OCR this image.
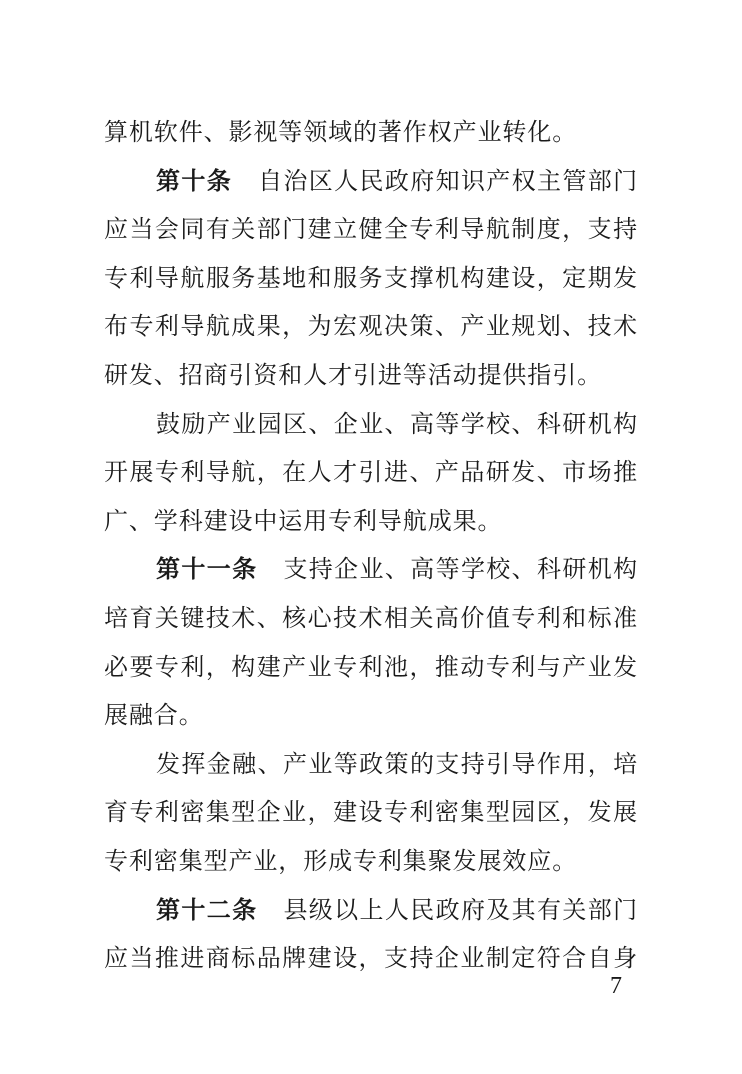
算机软件、影视等领域的著作权产业转化。
第十条 自治区人民政府知识产权主管部门
应当会同有关部门建立健全专利导航制度，支持
专利导航服务基地和服务支撑机构建设，定期发
布专利导航成果，为宏观决策、产业规划、技术
研发、招商引资和人才引进等活动提供指引。
鼓励产业园区、企业、高等学校、科研机构
开展专利导航，在人才引进、产品研发、市场推
广、学科建设中运用专利导航成果。
第十一条 支持企业、高等学校、科研机构
培育关键技术、核心技术相关高价值专利和标准
必要专利，构建产业专利池，推动专利与产业发
展融合。
发挥金融、产业等政策的支持引导作用，培
育专利密集型企业，建设专利密集型园区，发展
专利密集型产业，形成专利集聚发展效应。
第十二条 县级以上人民政府及其有关部门
应当推进商标品牌建设，支持企业制定符合自身
7
